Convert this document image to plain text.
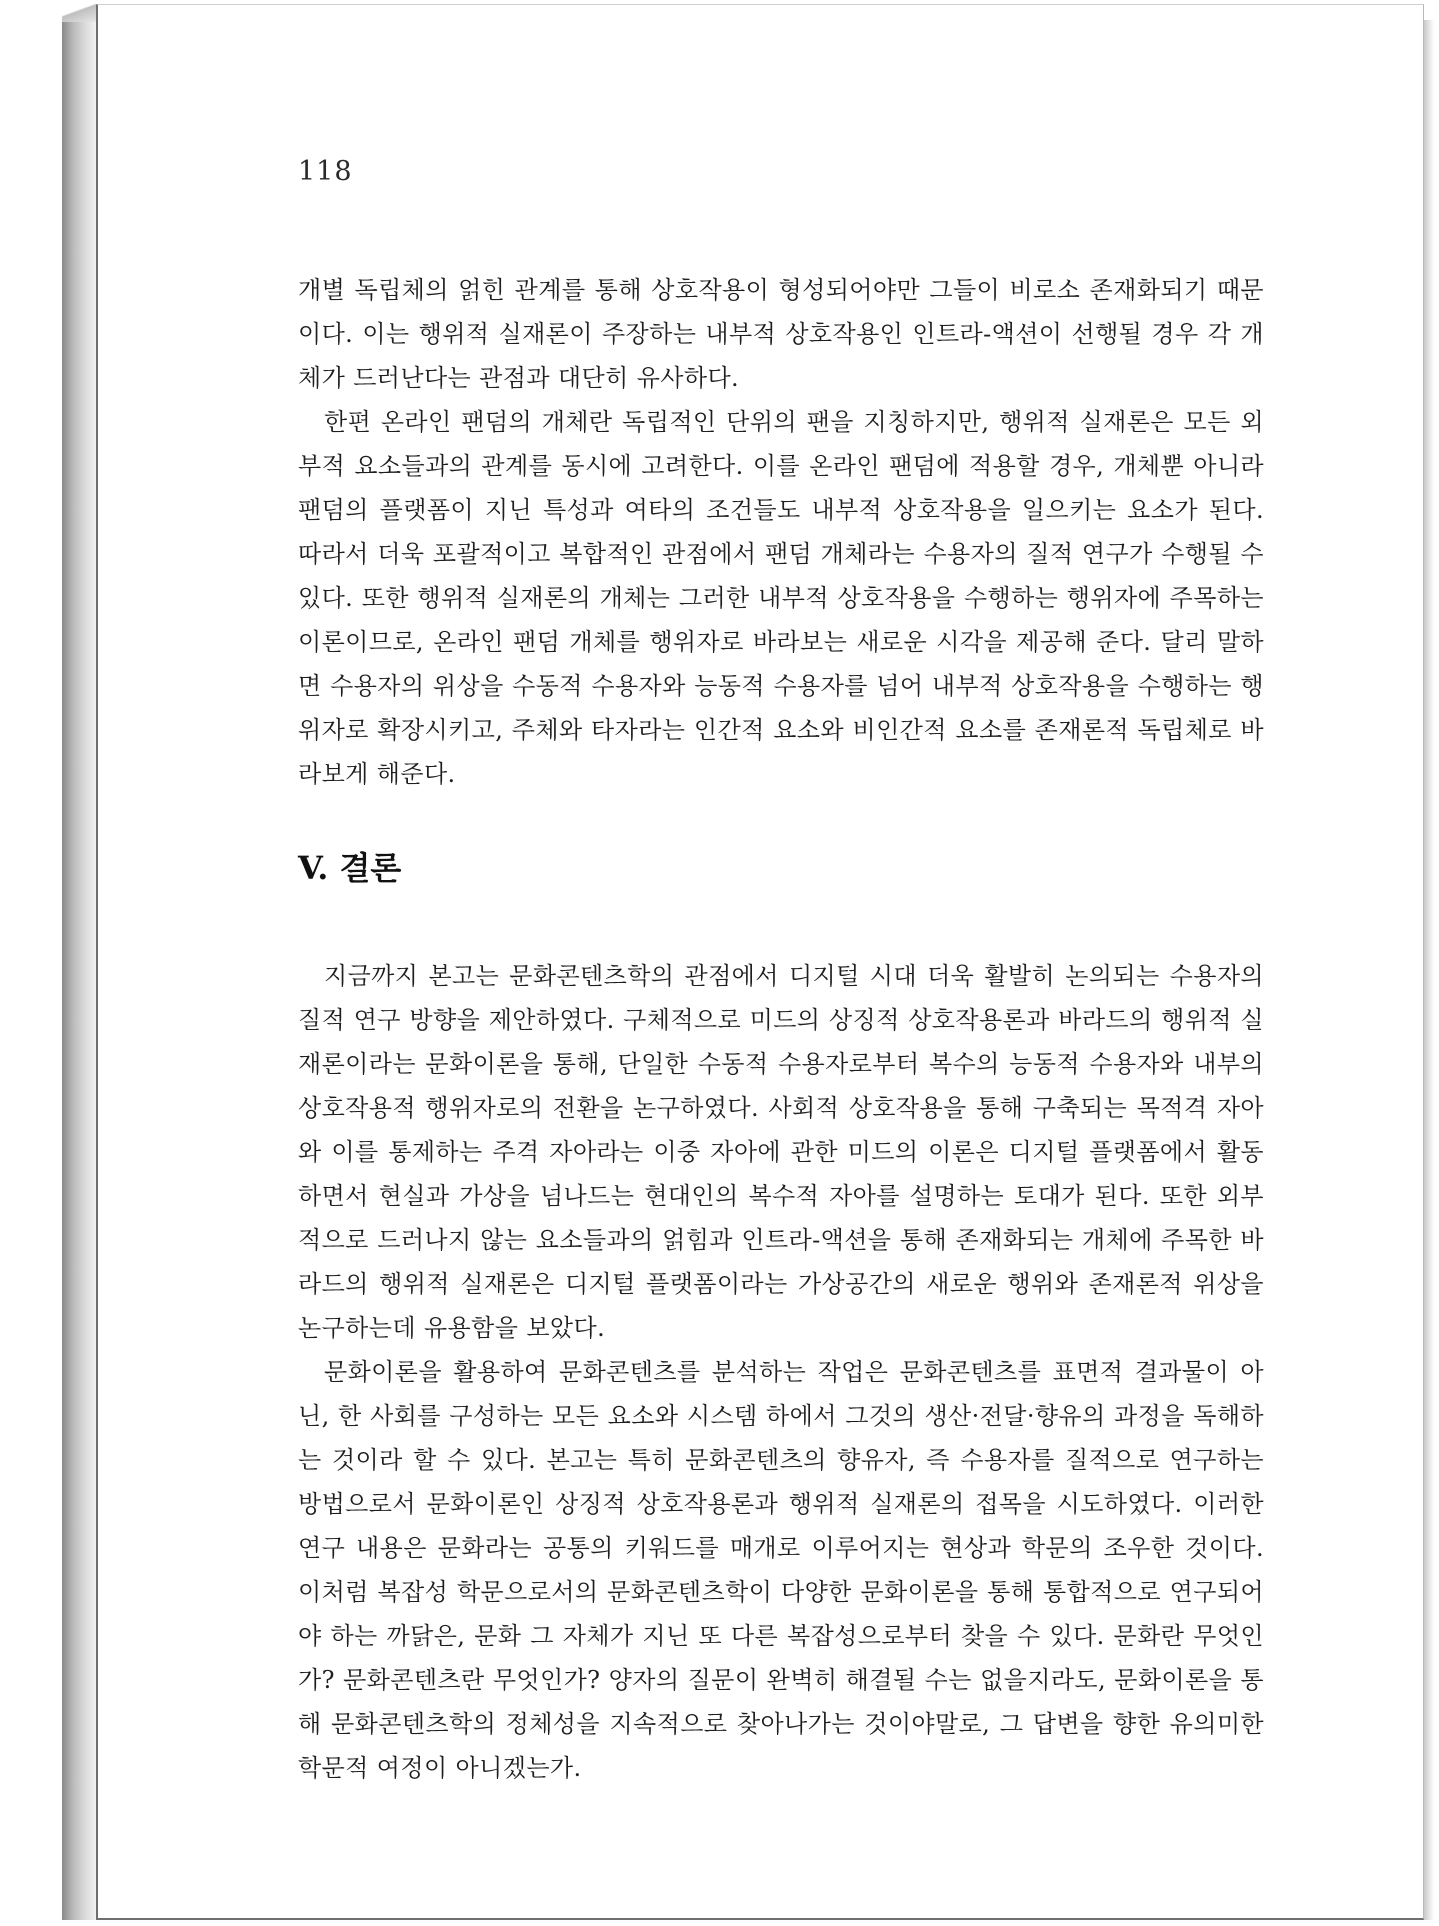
118

개별 독립체의 얽힌 관계를 통해 상호작용이 형성되어야만 그들이 비로소 존재화되기 때문이다. 이는 행위적 실재론이 주장하는 내부적 상호작용인 인트라-액션이 선행될 경우 각 개체가 드러난다는 관점과 대단히 유사하다.

한편 온라인 팬덤의 개체란 독립적인 단위의 팬을 지칭하지만, 행위적 실재론은 모든 외부적 요소들과의 관계를 동시에 고려한다. 이를 온라인 팬덤에 적용할 경우, 개체뿐 아니라 팬덤의 플랫폼이 지닌 특성과 여타의 조건들도 내부적 상호작용을 일으키는 요소가 된다. 따라서 더욱 포괄적이고 복합적인 관점에서 팬덤 개체라는 수용자의 질적 연구가 수행될 수 있다. 또한 행위적 실재론의 개체는 그러한 내부적 상호작용을 수행하는 행위자에 주목하는 이론이므로, 온라인 팬덤 개체를 행위자로 바라보는 새로운 시각을 제공해 준다. 달리 말하면 수용자의 위상을 수동적 수용자와 능동적 수용자를 넘어 내부적 상호작용을 수행하는 행위자로 확장시키고, 주체와 타자라는 인간적 요소와 비인간적 요소를 존재론적 독립체로 바라보게 해준다.

V. 결론

지금까지 본고는 문화콘텐츠학의 관점에서 디지털 시대 더욱 활발히 논의되는 수용자의 질적 연구 방향을 제안하였다. 구체적으로 미드의 상징적 상호작용론과 바라드의 행위적 실재론이라는 문화이론을 통해, 단일한 수동적 수용자로부터 복수의 능동적 수용자와 내부의 상호작용적 행위자로의 전환을 논구하였다. 사회적 상호작용을 통해 구축되는 목적격 자아와 이를 통제하는 주격 자아라는 이중 자아에 관한 미드의 이론은 디지털 플랫폼에서 활동하면서 현실과 가상을 넘나드는 현대인의 복수적 자아를 설명하는 토대가 된다. 또한 외부적으로 드러나지 않는 요소들과의 얽힘과 인트라-액션을 통해 존재화되는 개체에 주목한 바라드의 행위적 실재론은 디지털 플랫폼이라는 가상공간의 새로운 행위와 존재론적 위상을 논구하는데 유용함을 보았다.

문화이론을 활용하여 문화콘텐츠를 분석하는 작업은 문화콘텐츠를 표면적 결과물이 아닌, 한 사회를 구성하는 모든 요소와 시스템 하에서 그것의 생산·전달·향유의 과정을 독해하는 것이라 할 수 있다. 본고는 특히 문화콘텐츠의 향유자, 즉 수용자를 질적으로 연구하는 방법으로서 문화이론인 상징적 상호작용론과 행위적 실재론의 접목을 시도하였다. 이러한 연구 내용은 문화라는 공통의 키워드를 매개로 이루어지는 현상과 학문의 조우한 것이다. 이처럼 복잡성 학문으로서의 문화콘텐츠학이 다양한 문화이론을 통해 통합적으로 연구되어야 하는 까닭은, 문화 그 자체가 지닌 또 다른 복잡성으로부터 찾을 수 있다. 문화란 무엇인가? 문화콘텐츠란 무엇인가? 양자의 질문이 완벽히 해결될 수는 없을지라도, 문화이론을 통해 문화콘텐츠학의 정체성을 지속적으로 찾아나가는 것이야말로, 그 답변을 향한 유의미한 학문적 여정이 아니겠는가.
